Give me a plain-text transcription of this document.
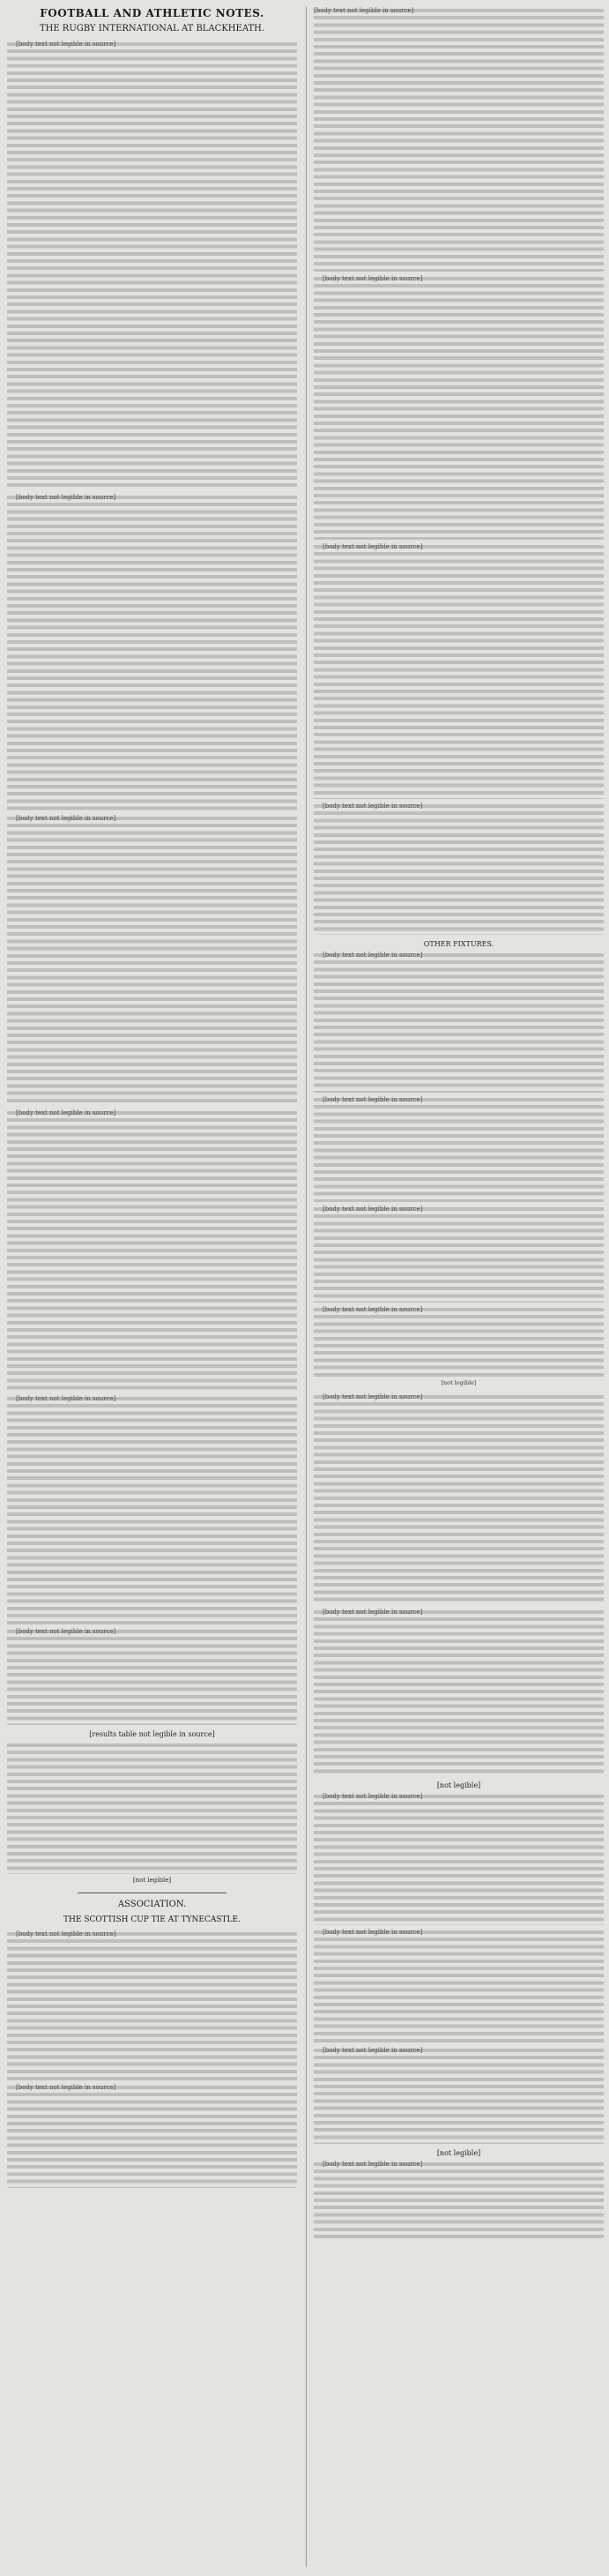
FOOTBALL AND ATHLETIC NOTES.
THE RUGBY INTERNATIONAL AT BLACKHEATH.

[body text not legible in source]

[body text not legible in source]

[body text not legible in source]

[body text not legible in source]

[body text not legible in source]

[body text not legible in source]

[results table not legible in source]
[not legible]
ASSOCIATION.
THE SCOTTISH CUP TIE AT TYNECASTLE.

[body text not legible in source]

[body text not legible in source]

[body text not legible in source]

[body text not legible in source]

[body text not legible in source]

[body text not legible in source]

OTHER FIXTURES.

[body text not legible in source]

[body text not legible in source]

[body text not legible in source]

[body text not legible in source]

[not legible]

[body text not legible in source]

[body text not legible in source]

[not legible]

[body text not legible in source]

[body text not legible in source]

[body text not legible in source]

[not legible]

[body text not legible in source]
